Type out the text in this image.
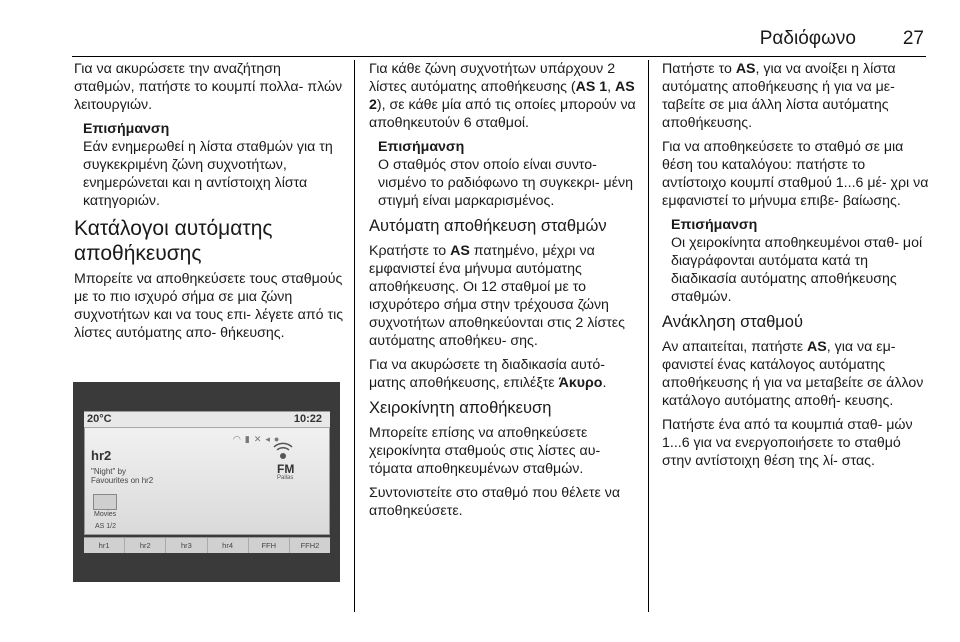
Ραδιόφωνο 27

Για να ακυρώσετε την αναζήτηση σταθμών, πατήστε το κουμπί πολλα- πλών λειτουργιών.

Επισήμανση
Εάν ενημερωθεί η λίστα σταθμών για τη συγκεκριμένη ζώνη συχνοτήτων, ενημερώνεται και η αντίστοιχη λίστα κατηγοριών.
Κατάλογοι αυτόματης αποθήκευσης

Μπορείτε να αποθηκεύσετε τους σταθμούς με το πιο ισχυρό σήμα σε μια ζώνη συχνοτήτων και να τους επι- λέγετε από τις λίστες αυτόματης απο- θήκευσης.

20°C	10:22
◠▮✕◂●
hr2
"Night" by
Favourites on hr2
FM
Pallas
Movies
AS 1/2
hr1	hr2	hr3	hr4	FFH	FFH2

Για κάθε ζώνη συχνοτήτων υπάρχουν 2 λίστες αυτόματης αποθήκευσης (AS 1, AS 2), σε κάθε μία από τις οποίες μπορούν να αποθηκευτούν 6 σταθμοί.

Επισήμανση
Ο σταθμός στον οποίο είναι συντο- νισμένο το ραδιόφωνο τη συγκεκρι- μένη στιγμή είναι μαρκαρισμένος.
Αυτόματη αποθήκευση σταθμών

Κρατήστε το AS πατημένο, μέχρι να εμφανιστεί ένα μήνυμα αυτόματης αποθήκευσης. Οι 12 σταθμοί με το ισχυρότερο σήμα στην τρέχουσα ζώνη συχνοτήτων αποθηκεύονται στις 2 λίστες αυτόματης αποθήκευ- σης.

Για να ακυρώσετε τη διαδικασία αυτό- ματης αποθήκευσης, επιλέξτε Άκυρο.

Χειροκίνητη αποθήκευση

Μπορείτε επίσης να αποθηκεύσετε χειροκίνητα σταθμούς στις λίστες αυ- τόματα αποθηκευμένων σταθμών.

Συντονιστείτε στο σταθμό που θέλετε να αποθηκεύσετε.

Πατήστε το AS, για να ανοίξει η λίστα αυτόματης αποθήκευσης ή για να με- ταβείτε σε μια άλλη λίστα αυτόματης αποθήκευσης.

Για να αποθηκεύσετε το σταθμό σε μια θέση του καταλόγου: πατήστε το αντίστοιχο κουμπί σταθμού 1...6 μέ- χρι να εμφανιστεί το μήνυμα επιβε- βαίωσης.

Επισήμανση
Οι χειροκίνητα αποθηκευμένοι σταθ- μοί διαγράφονται αυτόματα κατά τη διαδικασία αυτόματης αποθήκευσης σταθμών.
Ανάκληση σταθμού

Αν απαιτείται, πατήστε AS, για να εμ- φανιστεί ένας κατάλογος αυτόματης αποθήκευσης ή για να μεταβείτε σε άλλον κατάλογο αυτόματης αποθή- κευσης.

Πατήστε ένα από τα κουμπιά σταθ- μών 1...6 για να ενεργοποιήσετε το σταθμό στην αντίστοιχη θέση της λί- στας.
